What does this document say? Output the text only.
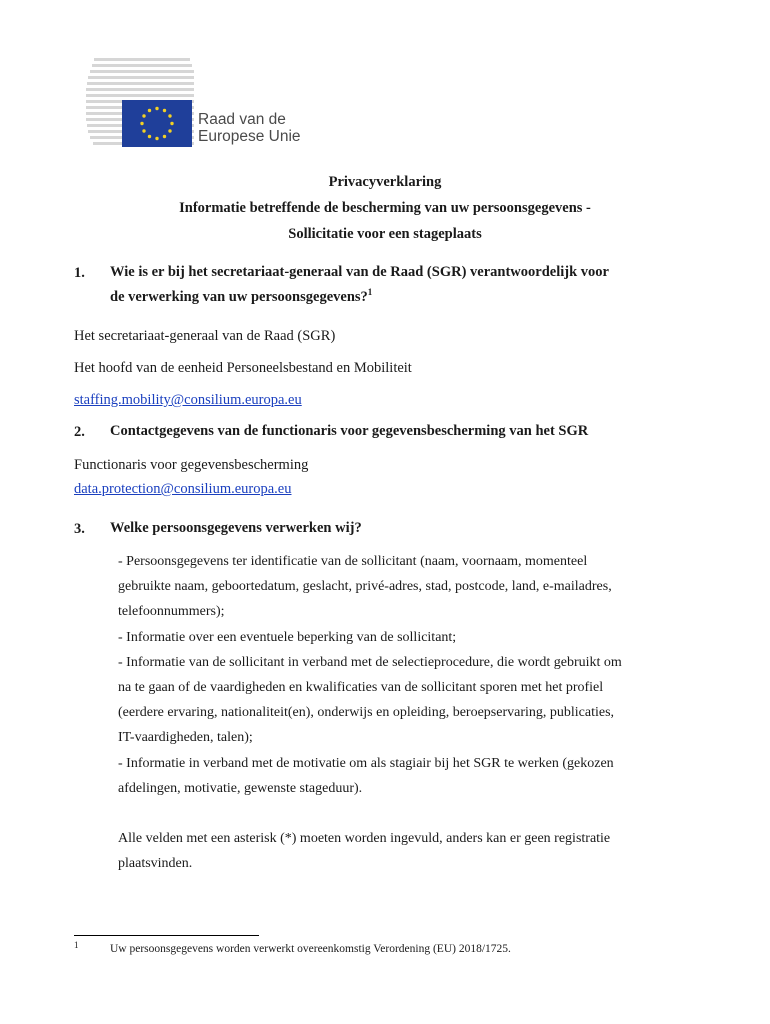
Raad van de
Europese Unie
Privacyverklaring
Informatie betreffende de bescherming van uw persoonsgegevens -
Sollicitatie voor een stageplaats
1. Wie is er bij het secretariaat-generaal van de Raad (SGR) verantwoordelijk voor
de verwerking van uw persoonsgegevens?$^1$
Het secretariaat-generaal van de Raad (SGR)
Het hoofd van de eenheid Personeelsbestand en Mobiliteit
staffing.mobility@consilium.europa.eu
2. Contactgegevens van de functionaris voor gegevensbescherming van het SGR
Functionaris voor gegevensbescherming
data.protection@consilium.europa.eu
3. Welke persoonsgegevens verwerken wij?
- Persoonsgegevens ter identificatie van de sollicitant (naam, voornaam, momenteel
gebruikte naam, geboortedatum, geslacht, privé-adres, stad, postcode, land, e-mailadres,
telefoonnummers);
- Informatie over een eventuele beperking van de sollicitant;
- Informatie van de sollicitant in verband met de selectieprocedure, die wordt gebruikt om
na te gaan of de vaardigheden en kwalificaties van de sollicitant sporen met het profiel
(eerdere ervaring, nationaliteit(en), onderwijs en opleiding, beroepservaring, publicaties,
IT-vaardigheden, talen);
- Informatie in verband met de motivatie om als stagiair bij het SGR te werken (gekozen
afdelingen, motivatie, gewenste stageduur).
Alle velden met een asterisk (*) moeten worden ingevuld, anders kan er geen registratie
plaatsvinden.
1	Uw persoonsgegevens worden verwerkt overeenkomstig Verordening (EU) 2018/1725.
